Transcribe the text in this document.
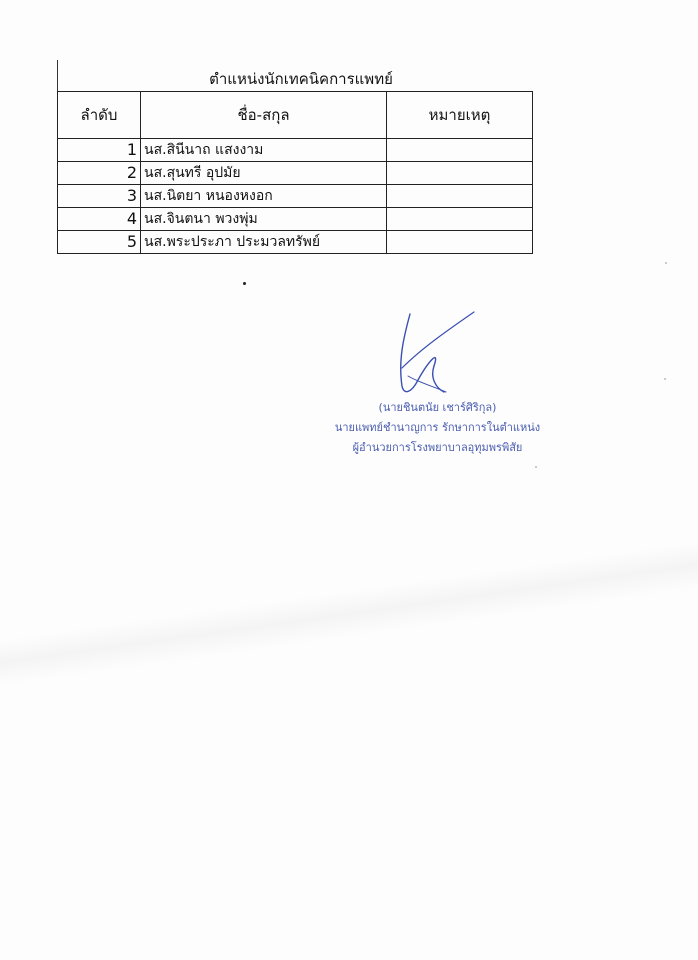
ตำแหน่งนักเทคนิคการแพทย์
ลำดับ	ชื่อ-สกุล	หมายเหตุ
1	นส.สินีนาถ แสงงาม	
2	นส.สุนทรี อุปมัย	
3	นส.นิตยา หนองหงอก	
4	นส.จินตนา พวงพุ่ม	
5	นส.พระประภา ประมวลทรัพย์	
(นายชินตนัย เชาร์ศิริกุล)
นายแพทย์ชำนาญการ รักษาการในตำแหน่ง
ผู้อำนวยการโรงพยาบาลอุทุมพรพิสัย
